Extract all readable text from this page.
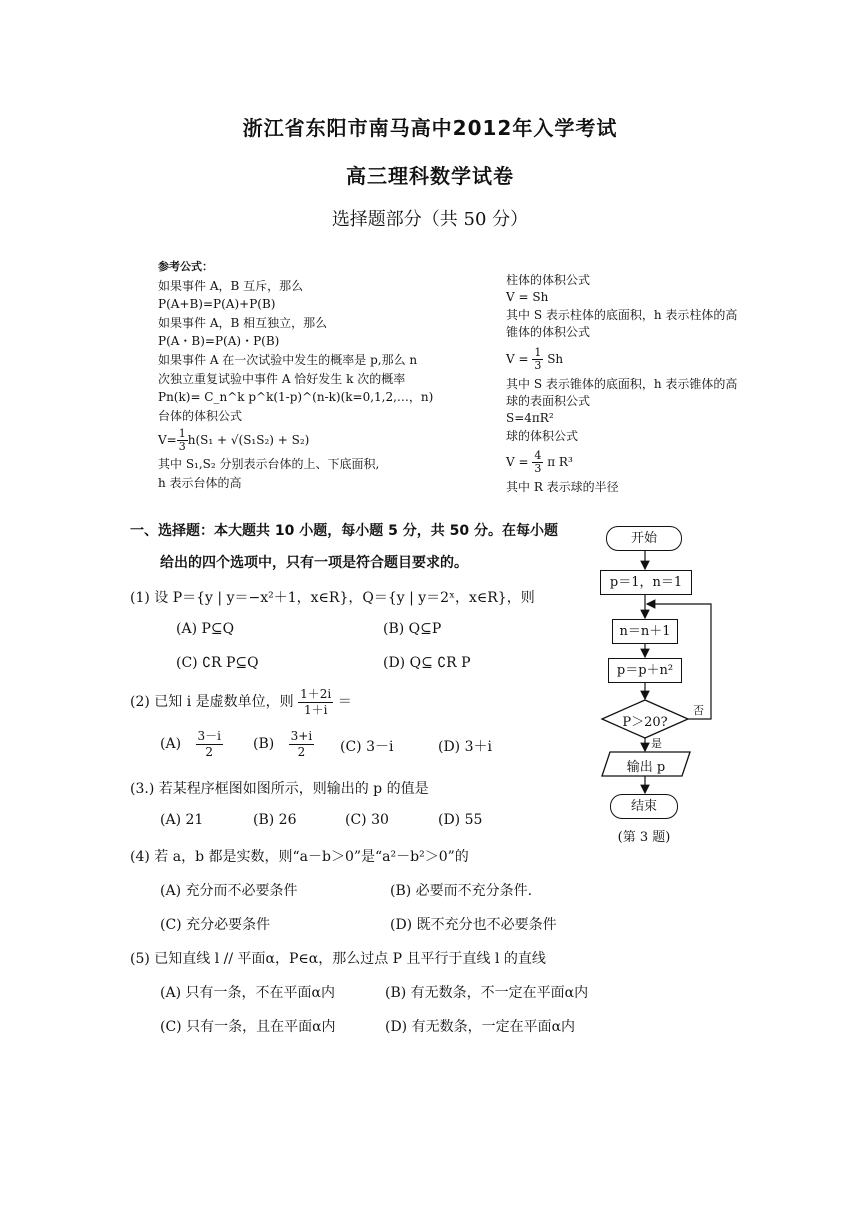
浙江省东阳市南马高中2012年入学考试
高三理科数学试卷
选择题部分（共 50 分）
参考公式：
如果事件 A，B 互斥，那么
P(A+B)=P(A)+P(B)
如果事件 A，B 相互独立，那么
P(A・B)=P(A)・P(B)
如果事件 A 在一次试验中发生的概率是 p,那么 n
次独立重复试验中事件 A 恰好发生 k 次的概率
Pn(k)= C_n^k p^k(1-p)^(n-k)(k=0,1,2,…，n)
台体的体积公式
$V= \frac{1}{3} h(S_1 + √(S_1S_2) + S_2)$
其中 S₁,S₂ 分别表示台体的上、下底面积,
h 表示台体的高
柱体的体积公式
V = Sh
其中 S 表示柱体的底面积，h 表示柱体的高
锥体的体积公式
$V = \frac{1}{3}$ Sh
其中 S 表示锥体的底面积，h 表示锥体的高
球的表面积公式
S=4πR²
球的体积公式
$V = \frac{4}{3}$ π R³
其中 R 表示球的半径
一、选择题：本大题共 10 小题，每小题 5 分，共 50 分。在每小题
给出的四个选项中，只有一项是符合题目要求的。
(1) 设 P＝{y | y＝−x²＋1，x∈R}，Q＝{y | y＝2ˣ，x∈R}，则
(A) P⊆Q	(B) Q⊆P
(C) ∁R P⊆Q	(D) Q⊆ ∁R P
(2) 已知 i 是虚数单位，则 $\frac{1+2i}{1+i}$ ＝
$(A) \frac{3-i}{2} (B) \frac{3+i}{2} (C)$ 3－i	(D) 3＋i
(3.) 若某程序框图如图所示，则输出的 p 的值是
(A) 21	(B) 26	(C) 30	(D) 55
(4) 若 a，b 都是实数，则“a－b＞0”是“a²－b²＞0”的
(A) 充分而不必要条件	(B) 必要而不充分条件.
(C) 充分必要条件	(D) 既不充分也不必要条件
(5) 已知直线 l // 平面α，P∈α，那么过点 P 且平行于直线 l 的直线
(A) 只有一条，不在平面α内	(B) 有无数条，不一定在平面α内
(C) 只有一条，且在平面α内	(D) 有无数条，一定在平面α内
开始
p＝1，n＝1
n＝n＋1
p＝p＋n²
P＞20?
否
是
输出 p
结束
(第 3 题)
